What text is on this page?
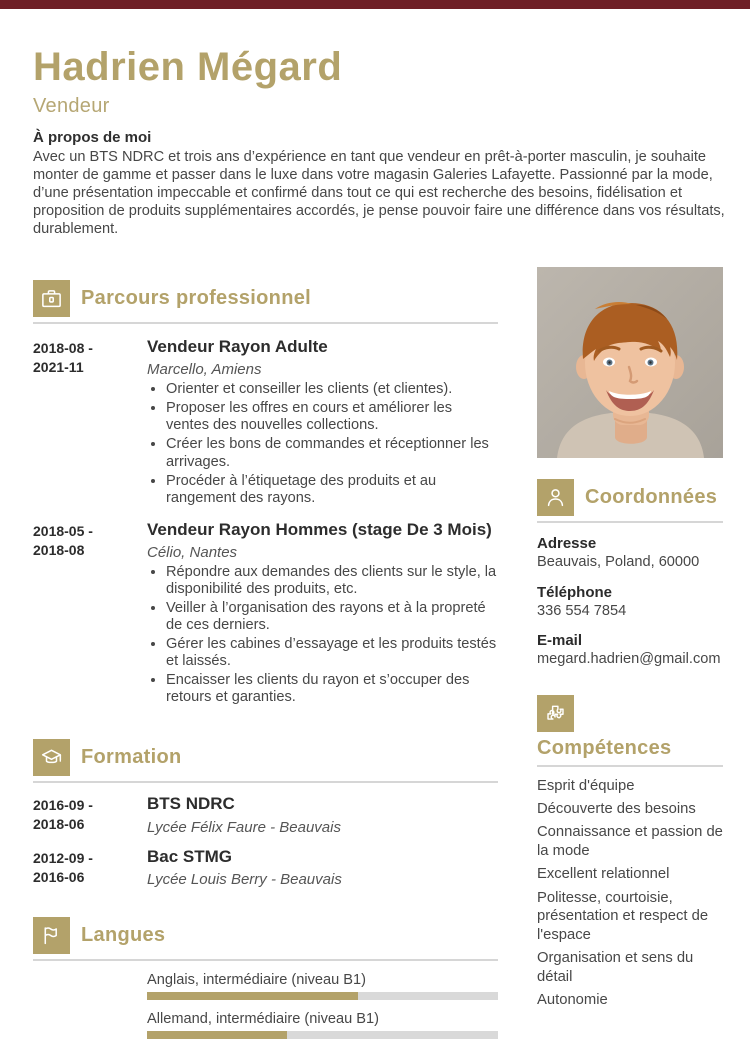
Hadrien Mégard
Vendeur
À propos de moi
Avec un BTS NDRC et trois ans d’expérience en tant que vendeur en prêt-à-porter masculin, je souhaite monter de gamme et passer dans le luxe dans votre magasin Galeries Lafayette. Passionné par la mode, d’une présentation impeccable et confirmé dans tout ce qui est recherche des besoins, fidélisation et proposition de produits supplémentaires accordés, je pense pouvoir faire une différence dans vos résultats, durablement.
Parcours professionnel
2018-08 -
2021-11
Vendeur Rayon Adulte
Marcello, Amiens
• Orienter et conseiller les clients (et clientes).
• Proposer les offres en cours et améliorer les ventes des nouvelles collections.
• Créer les bons de commandes et réceptionner les arrivages.
• Procéder à l’étiquetage des produits et au rangement des rayons.
2018-05 -
2018-08
Vendeur Rayon Hommes (stage De 3 Mois)
Célio, Nantes
• Répondre aux demandes des clients sur le style, la disponibilité des produits, etc.
• Veiller à l’organisation des rayons et à la propreté de ces derniers.
• Gérer les cabines d’essayage et les produits testés et laissés.
• Encaisser les clients du rayon et s’occuper des retours et garanties.
Formation
2016-09 -
2018-06
BTS NDRC
Lycée Félix Faure - Beauvais
2012-09 -
2016-06
Bac STMG
Lycée Louis Berry - Beauvais
Langues
Anglais, intermédiaire (niveau B1)
Allemand, intermédiaire (niveau B1)
Coordonnées
Adresse
Beauvais, Poland, 60000
Téléphone
336 554 7854
E-mail
megard.hadrien@gmail.com
Compétences
Esprit d'équipe
Découverte des besoins
Connaissance et passion de la mode
Excellent relationnel
Politesse, courtoisie, présentation et respect de l'espace
Organisation et sens du détail
Autonomie
